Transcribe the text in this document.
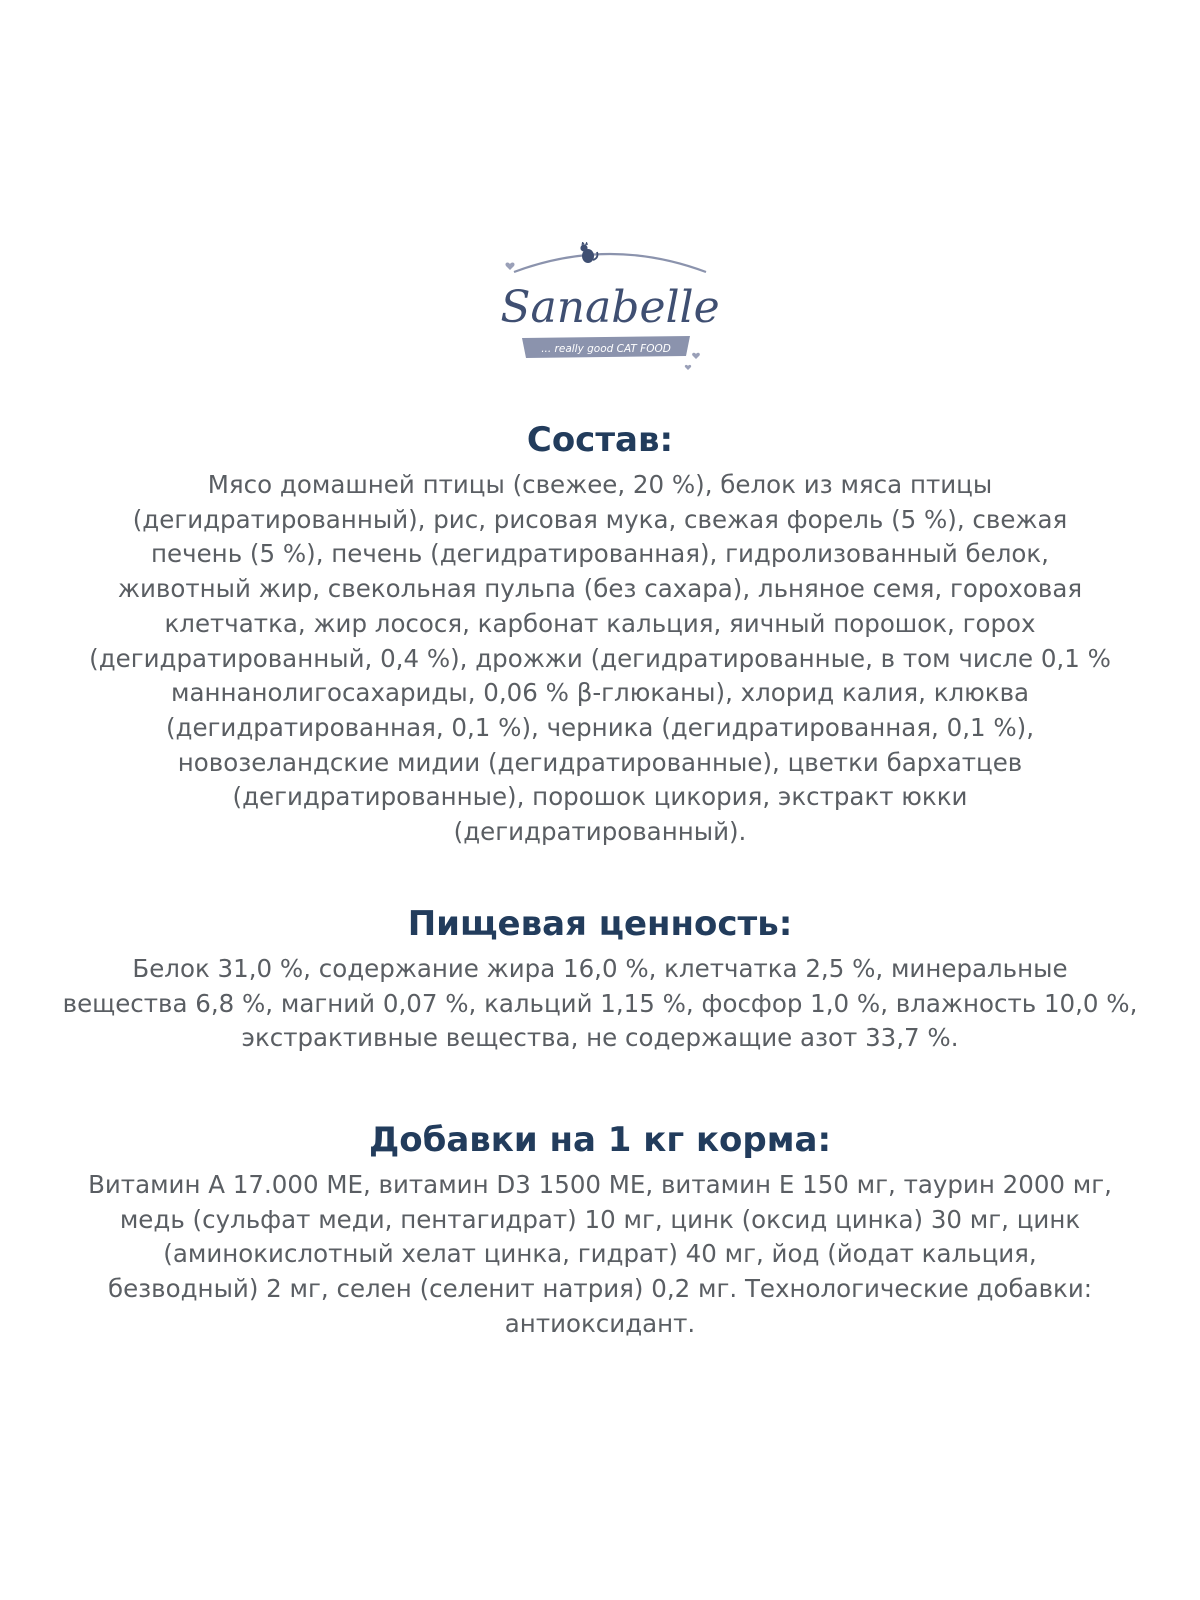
Sanabelle
... really good CAT FOOD
Состав:

Мясо домашней птицы (свежее, 20 %), белок из мяса птицы
(дегидратированный), рис, рисовая мука, свежая форель (5 %), свежая
печень (5 %), печень (дегидратированная), гидролизованный белок,
животный жир, свекольная пульпа (без сахара), льняное семя, гороховая
клетчатка, жир лосося, карбонат кальция, яичный порошок, горох
(дегидратированный, 0,4 %), дрожжи (дегидратированные, в том числе 0,1 %
маннанолигосахариды, 0,06 % β-глюканы), хлорид калия, клюква
(дегидратированная, 0,1 %), черника (дегидратированная, 0,1 %),
новозеландские мидии (дегидратированные), цветки бархатцев
(дегидратированные), порошок цикория, экстракт юкки
(дегидратированный).

Пищевая ценность:

Белок 31,0 %, содержание жира 16,0 %, клетчатка 2,5 %, минеральные
вещества 6,8 %, магний 0,07 %, кальций 1,15 %, фосфор 1,0 %, влажность 10,0 %,
экстрактивные вещества, не содержащие азот 33,7 %.

Добавки на 1 кг корма:

Витамин А 17.000 МЕ, витамин D3 1500 МЕ, витамин Е 150 мг, таурин 2000 мг,
медь (сульфат меди, пентагидрат) 10 мг, цинк (оксид цинка) 30 мг, цинк
(аминокислотный хелат цинка, гидрат) 40 мг, йод (йодат кальция,
безводный) 2 мг, селен (селенит натрия) 0,2 мг. Технологические добавки:
антиоксидант.
